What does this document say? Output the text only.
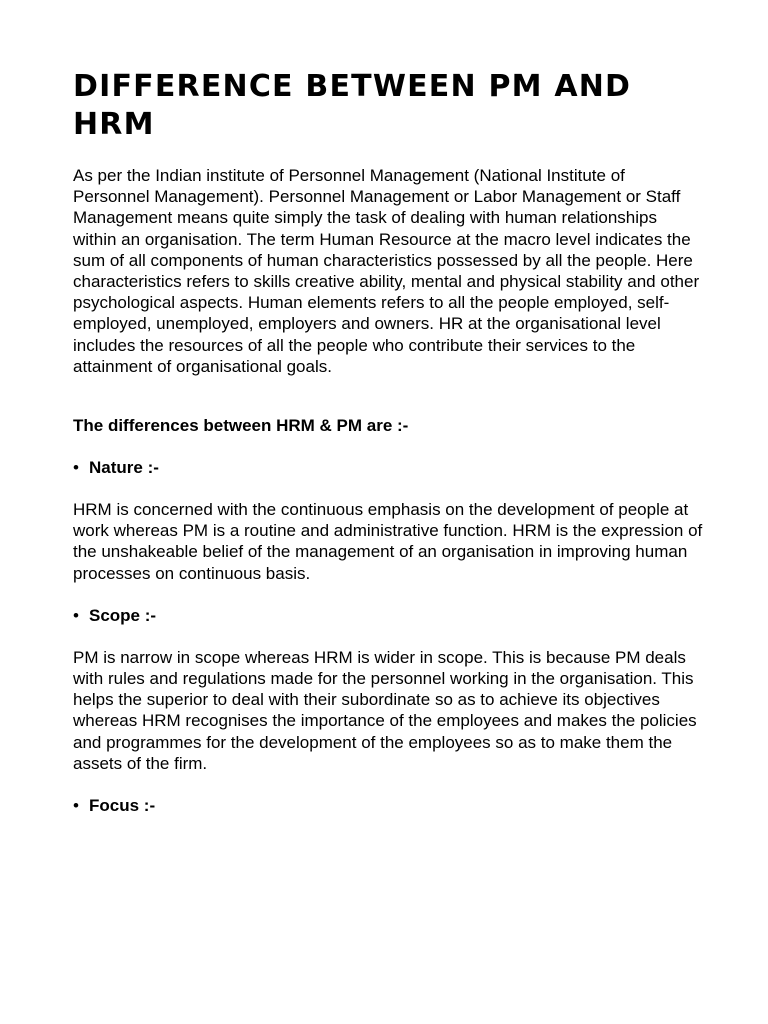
DIFFERENCE BETWEEN PM AND HRM

As per the Indian institute of Personnel Management (National Institute of Personnel Management). Personnel Management or Labor Management or Staff Management means quite simply the task of dealing with human relationships within an organisation. The term Human Resource at the macro level indicates the sum of all components of human characteristics possessed by all the people. Here characteristics refers to skills creative ability, mental and physical stability and other psychological aspects. Human elements refers to all the people employed, self-employed, unemployed, employers and owners. HR at the organisational level includes the resources of all the people who contribute their services to the attainment of organisational goals.

The differences between HRM & PM are :-
• Nature :-

HRM is concerned with the continuous emphasis on the development of people at work whereas PM is a routine and administrative function. HRM is the expression of the unshakeable belief of the management of an organisation in improving human processes on continuous basis.

• Scope :-

PM is narrow in scope whereas HRM is wider in scope. This is because PM deals with rules and regulations made for the personnel working in the organisation. This helps the superior to deal with their subordinate so as to achieve its objectives whereas HRM recognises the importance of the employees and makes the policies and programmes for the development of the employees so as to make them the assets of the firm.

• Focus :-
